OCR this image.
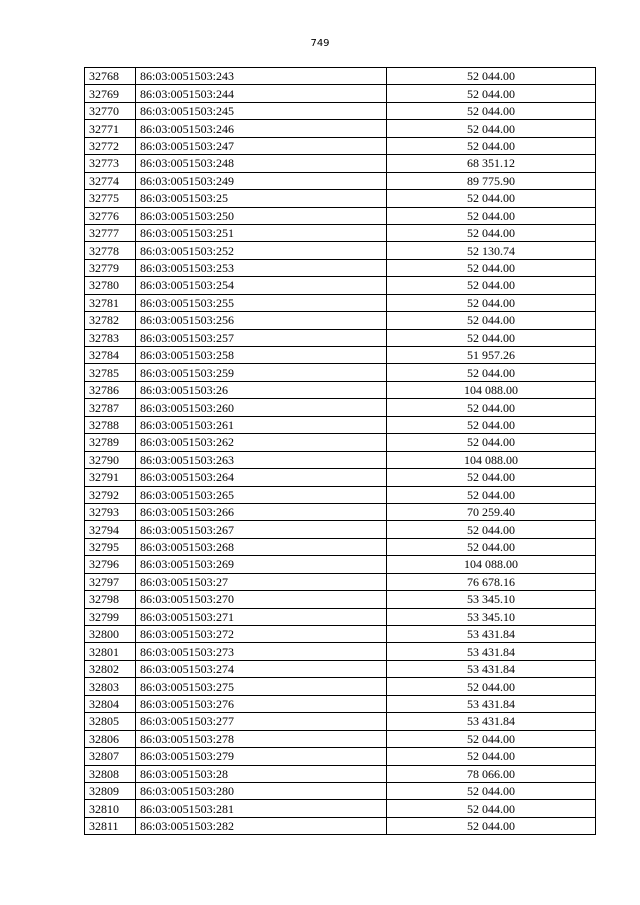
749
32768	86:03:0051503:243	52 044.00
32769	86:03:0051503:244	52 044.00
32770	86:03:0051503:245	52 044.00
32771	86:03:0051503:246	52 044.00
32772	86:03:0051503:247	52 044.00
32773	86:03:0051503:248	68 351.12
32774	86:03:0051503:249	89 775.90
32775	86:03:0051503:25	52 044.00
32776	86:03:0051503:250	52 044.00
32777	86:03:0051503:251	52 044.00
32778	86:03:0051503:252	52 130.74
32779	86:03:0051503:253	52 044.00
32780	86:03:0051503:254	52 044.00
32781	86:03:0051503:255	52 044.00
32782	86:03:0051503:256	52 044.00
32783	86:03:0051503:257	52 044.00
32784	86:03:0051503:258	51 957.26
32785	86:03:0051503:259	52 044.00
32786	86:03:0051503:26	104 088.00
32787	86:03:0051503:260	52 044.00
32788	86:03:0051503:261	52 044.00
32789	86:03:0051503:262	52 044.00
32790	86:03:0051503:263	104 088.00
32791	86:03:0051503:264	52 044.00
32792	86:03:0051503:265	52 044.00
32793	86:03:0051503:266	70 259.40
32794	86:03:0051503:267	52 044.00
32795	86:03:0051503:268	52 044.00
32796	86:03:0051503:269	104 088.00
32797	86:03:0051503:27	76 678.16
32798	86:03:0051503:270	53 345.10
32799	86:03:0051503:271	53 345.10
32800	86:03:0051503:272	53 431.84
32801	86:03:0051503:273	53 431.84
32802	86:03:0051503:274	53 431.84
32803	86:03:0051503:275	52 044.00
32804	86:03:0051503:276	53 431.84
32805	86:03:0051503:277	53 431.84
32806	86:03:0051503:278	52 044.00
32807	86:03:0051503:279	52 044.00
32808	86:03:0051503:28	78 066.00
32809	86:03:0051503:280	52 044.00
32810	86:03:0051503:281	52 044.00
32811	86:03:0051503:282	52 044.00
